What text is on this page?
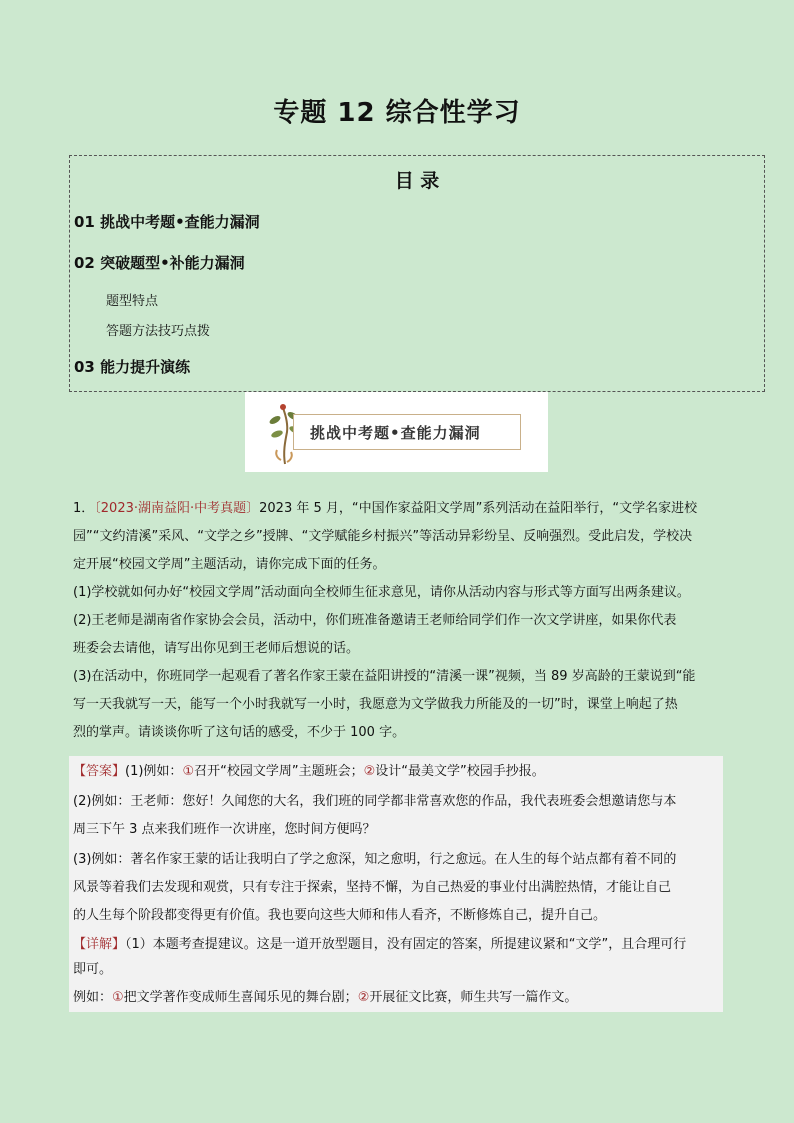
专题 12 综合性学习
目 录
01 挑战中考题•查能力漏洞
02 突破题型•补能力漏洞
题型特点
答题方法技巧点拨
03 能力提升演练
挑战中考题•查能力漏洞
1．〔2023·湖南益阳·中考真题〕2023 年 5 月，“中国作家益阳文学周”系列活动在益阳举行，“文学名家进校
园”“文约清溪”采风、“文学之乡”授牌、“文学赋能乡村振兴”等活动异彩纷呈、反响强烈。受此启发，学校决
定开展“校园文学周”主题活动，请你完成下面的任务。
(1)学校就如何办好“校园文学周”活动面向全校师生征求意见，请你从活动内容与形式等方面写出两条建议。
(2)王老师是湖南省作家协会会员，活动中，你们班准备邀请王老师给同学们作一次文学讲座，如果你代表
班委会去请他，请写出你见到王老师后想说的话。
(3)在活动中，你班同学一起观看了著名作家王蒙在益阳讲授的“清溪一课”视频，当 89 岁高龄的王蒙说到“能
写一天我就写一天，能写一个小时我就写一小时，我愿意为文学做我力所能及的一切”时，课堂上响起了热
烈的掌声。请谈谈你听了这句话的感受，不少于 100 字。
【答案】(1)例如：①召开“校园文学周”主题班会；②设计“最美文学”校园手抄报。
(2)例如：王老师：您好！久闻您的大名，我们班的同学都非常喜欢您的作品，我代表班委会想邀请您与本
周三下午 3 点来我们班作一次讲座，您时间方便吗？
(3)例如：著名作家王蒙的话让我明白了学之愈深，知之愈明，行之愈远。在人生的每个站点都有着不同的
风景等着我们去发现和观赏，只有专注于探索，坚持不懈，为自己热爱的事业付出满腔热情，才能让自己
的人生每个阶段都变得更有价值。我也要向这些大师和伟人看齐，不断修炼自己，提升自己。
【详解】（1）本题考查提建议。这是一道开放型题目，没有固定的答案，所提建议紧和“文学”，且合理可行
即可。
例如：①把文学著作变成师生喜闻乐见的舞台剧；②开展征文比赛，师生共写一篇作文。
